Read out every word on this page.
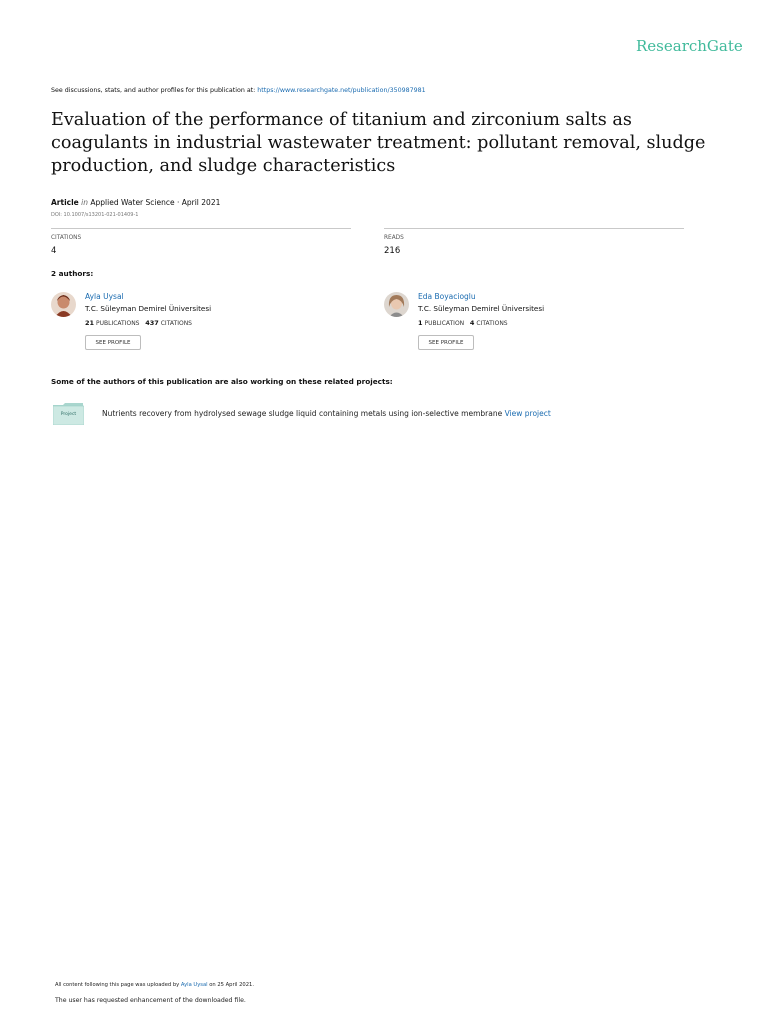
ResearchGate
See discussions, stats, and author profiles for this publication at: https://www.researchgate.net/publication/350987981
Evaluation of the performance of titanium and zirconium salts as coagulants in industrial wastewater treatment: pollutant removal, sludge production, and sludge characteristics
Article in Applied Water Science · April 2021
DOI: 10.1007/s13201-021-01409-1
CITATIONS
4
READS
216
2 authors:
Ayla Uysal
T.C. Süleyman Demirel Üniversitesi
21 PUBLICATIONS 437 CITATIONS
SEE PROFILE
Eda Boyacioglu
T.C. Süleyman Demirel Üniversitesi
1 PUBLICATION 4 CITATIONS
SEE PROFILE
Some of the authors of this publication are also working on these related projects:
Project	Nutrients recovery from hydrolysed sewage sludge liquid containing metals using ion-selective membrane View project
All content following this page was uploaded by Ayla Uysal on 25 April 2021.
The user has requested enhancement of the downloaded file.
